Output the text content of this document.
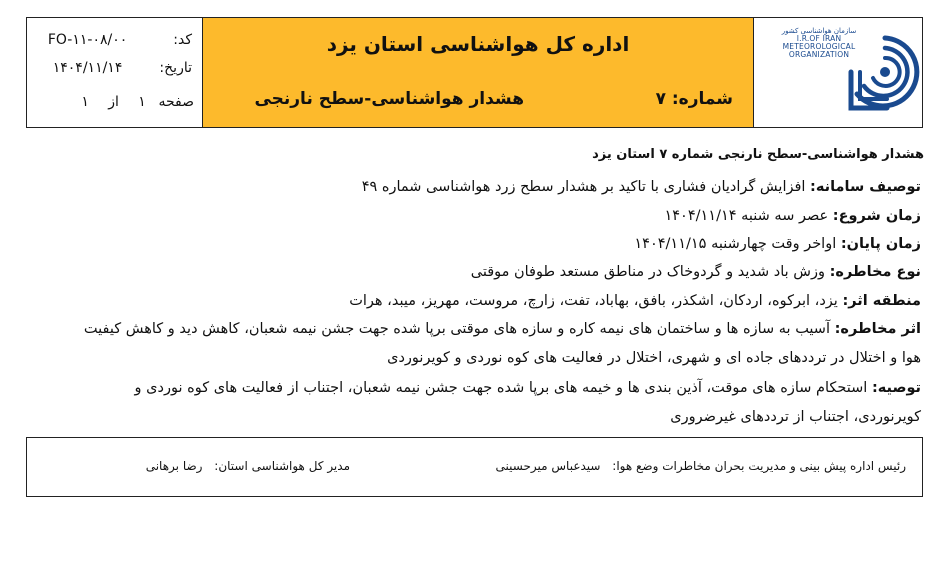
کد: FO-۱۱-۰۸/۰۰
تاریخ: ۱۴۰۴/۱۱/۱۴
صفحه ۱ از ۱
اداره کل هواشناسی استان یزد
هشدار هواشناسی-سطح نارنجی	شماره: ۷
سازمان هواشناسی کشور
I.R.OF IRAN
METEOROLOGICAL
ORGANIZATION
هشدار هواشناسی-سطح نارنجی شماره ۷ استان یزد
توصیف سامانه: افزایش گرادیان فشاری با تاکید بر هشدار سطح زرد هواشناسی شماره ۴۹
زمان شروع: عصر سه شنبه ۱۴۰۴/۱۱/۱۴
زمان پایان: اواخر وقت چهارشنبه ۱۴۰۴/۱۱/۱۵
نوع مخاطره: وزش باد شدید و گردوخاک در مناطق مستعد طوفان موقتی
منطقه اثر: یزد، ابرکوه، اردکان، اشکذر، بافق، بهاباد، تفت، زارچ، مروست، مهریز، میبد، هرات
اثر مخاطره: آسیب به سازه ها و ساختمان های نیمه کاره و سازه های موقتی برپا شده جهت جشن نیمه شعبان، کاهش دید و کاهش کیفیت هوا و اختلال در ترددهای جاده ای و شهری، اختلال در فعالیت های کوه نوردی و کویرنوردی
توصیه: استحکام سازه های موقت، آذین بندی ها و خیمه های برپا شده جهت جشن نیمه شعبان، اجتناب از فعالیت های کوه نوردی و کویرنوردی، اجتناب از ترددهای غیرضروری
رئیس اداره پیش بینی و مدیریت بحران مخاطرات وضع هوا: سیدعباس میرحسینی
مدیر کل هواشناسی استان: رضا برهانی
